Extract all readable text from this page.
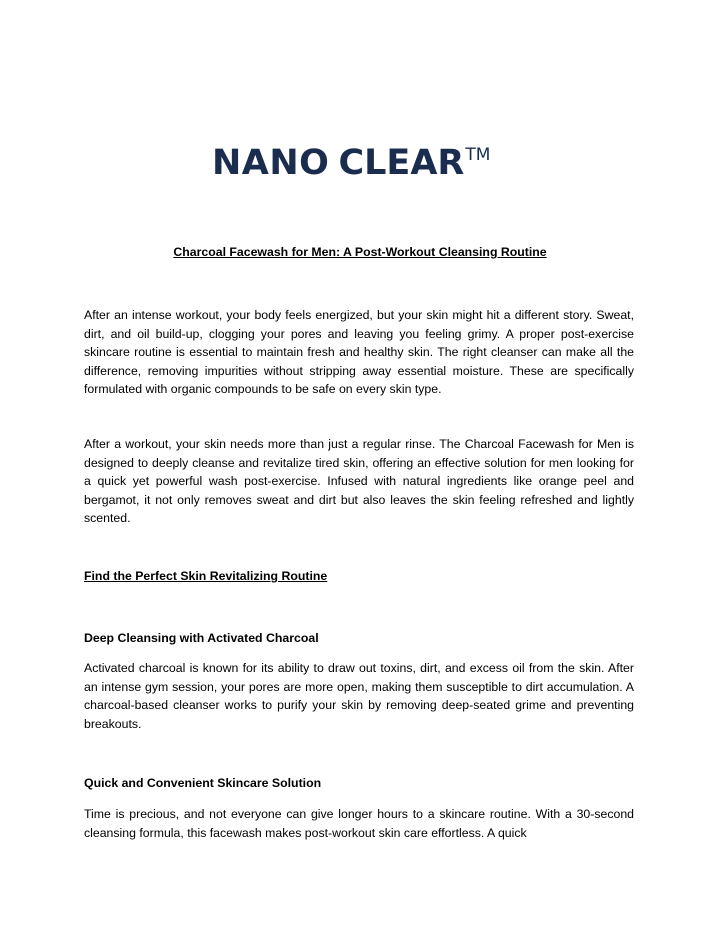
NANO CLEARTM
Charcoal Facewash for Men: A Post-Workout Cleansing Routine

After an intense workout, your body feels energized, but your skin might hit a different story. Sweat, dirt, and oil build-up, clogging your pores and leaving you feeling grimy. A proper post-exercise skincare routine is essential to maintain fresh and healthy skin. The right cleanser can make all the difference, removing impurities without stripping away essential moisture. These are specifically formulated with organic compounds to be safe on every skin type.

After a workout, your skin needs more than just a regular rinse. The Charcoal Facewash for Men is designed to deeply cleanse and revitalize tired skin, offering an effective solution for men looking for a quick yet powerful wash post-exercise. Infused with natural ingredients like orange peel and bergamot, it not only removes sweat and dirt but also leaves the skin feeling refreshed and lightly scented.

Find the Perfect Skin Revitalizing Routine
Deep Cleansing with Activated Charcoal

Activated charcoal is known for its ability to draw out toxins, dirt, and excess oil from the skin. After an intense gym session, your pores are more open, making them susceptible to dirt accumulation. A charcoal-based cleanser works to purify your skin by removing deep-seated grime and preventing breakouts.

Quick and Convenient Skincare Solution

Time is precious, and not everyone can give longer hours to a skincare routine. With a 30-second cleansing formula, this facewash makes post-workout skin care effortless. A quick
